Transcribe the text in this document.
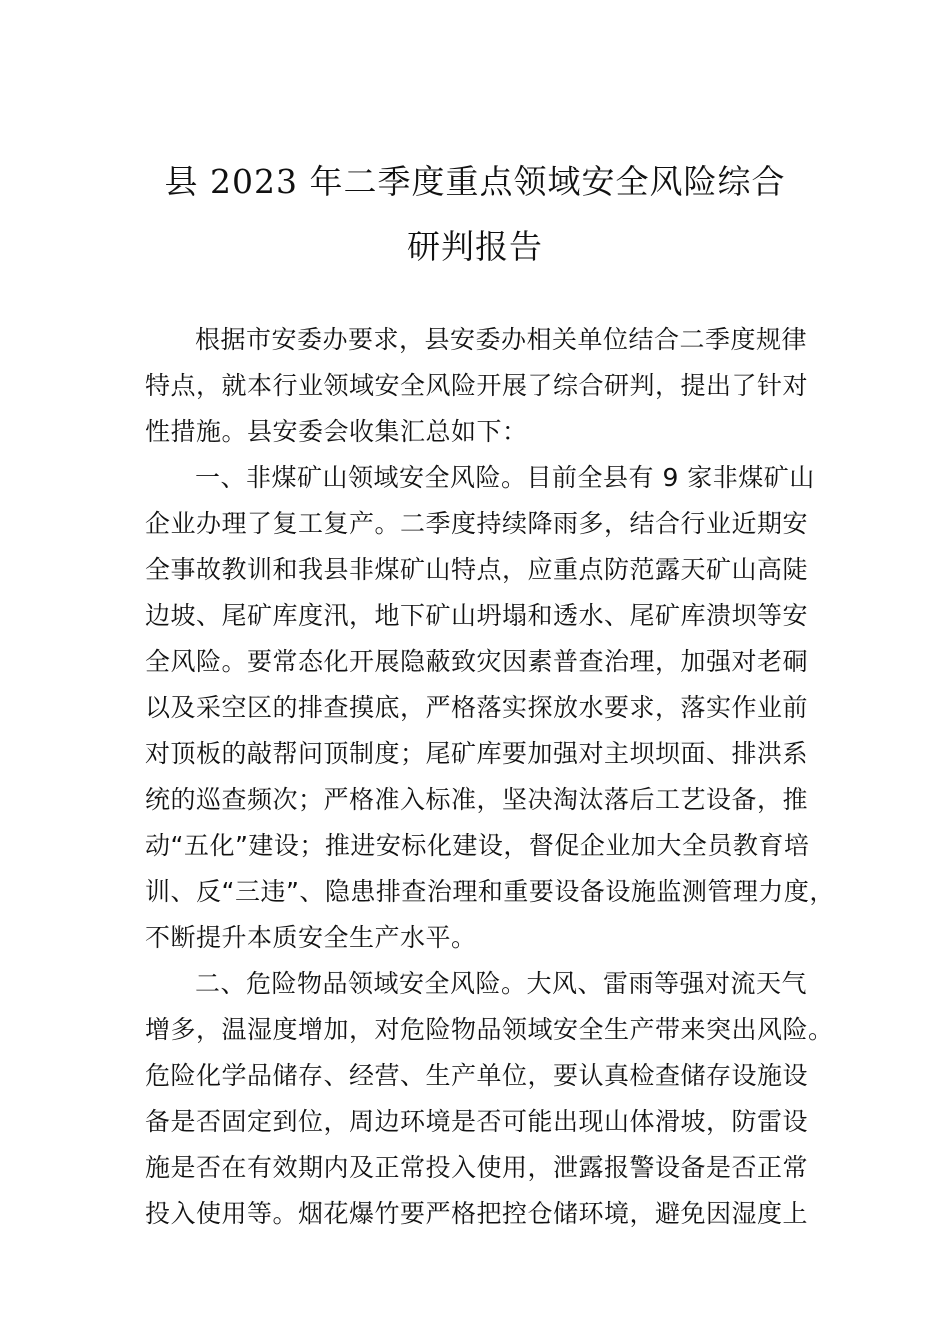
县 2023 年二季度重点领域安全风险综合
研判报告
根据市安委办要求，县安委办相关单位结合二季度规律
特点，就本行业领域安全风险开展了综合研判，提出了针对
性措施。县安委会收集汇总如下：
一、非煤矿山领域安全风险。目前全县有 9 家非煤矿山
企业办理了复工复产。二季度持续降雨多，结合行业近期安
全事故教训和我县非煤矿山特点，应重点防范露天矿山高陡
边坡、尾矿库度汛，地下矿山坍塌和透水、尾矿库溃坝等安
全风险。要常态化开展隐蔽致灾因素普查治理，加强对老硐
以及采空区的排查摸底，严格落实探放水要求，落实作业前
对顶板的敲帮问顶制度；尾矿库要加强对主坝坝面、排洪系
统的巡查频次；严格准入标准，坚决淘汰落后工艺设备，推
动“五化”建设；推进安标化建设，督促企业加大全员教育培
训、反“三违”、隐患排查治理和重要设备设施监测管理力度，
不断提升本质安全生产水平。
二、危险物品领域安全风险。大风、雷雨等强对流天气
增多，温湿度增加，对危险物品领域安全生产带来突出风险。
危险化学品储存、经营、生产单位，要认真检查储存设施设
备是否固定到位，周边环境是否可能出现山体滑坡，防雷设
施是否在有效期内及正常投入使用，泄露报警设备是否正常
投入使用等。烟花爆竹要严格把控仓储环境，避免因湿度上
